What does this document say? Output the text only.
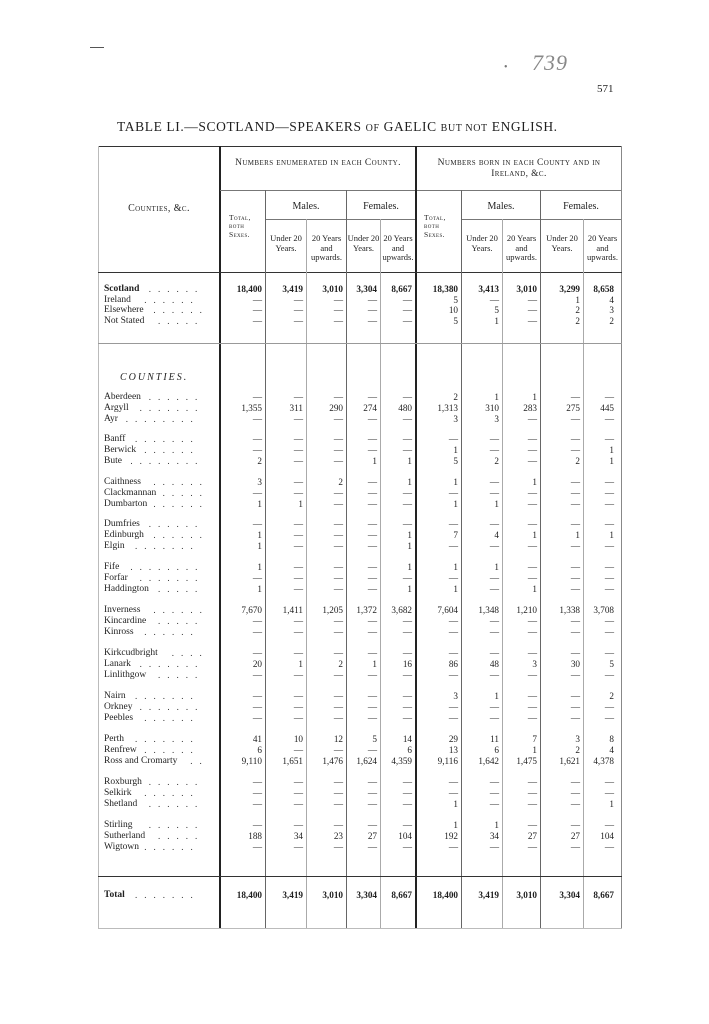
• 739
571
TABLE LI.—SCOTLAND—SPEAKERS OF GAELIC BUT NOT ENGLISH.
Counties, &c.
Numbers enumerated in each County.	Numbers born in each County and in Ireland, &c.
Total, both Sexes.
Total, both Sexes.
Males.	Females.	Males.	Females.
Under 20 Years.
20 Years and upwards.
Under 20 Years.
20 Years and upwards.
Under 20 Years.
20 Years and upwards.
Under 20 Years.
20 Years and upwards.
COUNTIES.
Scotland ......	18,400	3,419	3,010	3,304	8,667	18,380	3,413	3,010	3,299	8,658
Ireland ......	—	—	—	—	—	5	—	—	1	4
Elsewhere ......	—	—	—	—	—	10	5	—	2	3
Not Stated .....	—	—	—	—	—	5	1	—	2	2
Aberdeen ......	—	—	—	—	—	2	1	1	—	—
Argyll .......	1,355	311	290	274	480	1,313	310	283	275	445
Ayr ........	—	—	—	—	—	3	3	—	—	—
Banff .......	—	—	—	—	—	—	—	—	—	—
Berwick ......	—	—	—	—	—	1	—	—	—	1
Bute ........	2	—	—	1	1	5	2	—	2	1
Caithness ......	3	—	2	—	1	1	—	1	—	—
Clackmannan .....	—	—	—	—	—	—	—	—	—	—
Dumbarton ......	1	1	—	—	—	1	1	—	—	—
Dumfries ......	—	—	—	—	—	—	—	—	—	—
Edinburgh ......	1	—	—	—	1	7	4	1	1	1
Elgin .......	1	—	—	—	1	—	—	—	—	—
Fife ........	1	—	—	—	1	1	1	—	—	—
Forfar .......	—	—	—	—	—	—	—	—	—	—
Haddington .....	1	—	—	—	1	1	—	1	—	—
Inverness ......	7,670	1,411	1,205	1,372	3,682	7,604	1,348	1,210	1,338	3,708
Kincardine .....	—	—	—	—	—	—	—	—	—	—
Kinross ......	—	—	—	—	—	—	—	—	—	—
Kirkcudbright ....	—	—	—	—	—	—	—	—	—	—
Lanark .......	20	1	2	1	16	86	48	3	30	5
Linlithgow .....	—	—	—	—	—	—	—	—	—	—
Nairn .......	—	—	—	—	—	3	1	—	—	2
Orkney .......	—	—	—	—	—	—	—	—	—	—
Peebles ......	—	—	—	—	—	—	—	—	—	—
Perth .......	41	10	12	5	14	29	11	7	3	8
Renfrew ......	6	—	—	—	6	13	6	1	2	4
Ross and Cromarty ..	9,110	1,651	1,476	1,624	4,359	9,116	1,642	1,475	1,621	4,378
Roxburgh ......	—	—	—	—	—	—	—	—	—	—
Selkirk ......	—	—	—	—	—	—	—	—	—	—
Shetland ......	—	—	—	—	—	1	—	—	—	1
Stirling ......	—	—	—	—	—	1	1	—	—	—
Sutherland .....	188	34	23	27	104	192	34	27	27	104
Wigtown ......	—	—	—	—	—	—	—	—	—	—
Total .......	18,400	3,419	3,010	3,304	8,667	18,400	3,419	3,010	3,304	8,667
